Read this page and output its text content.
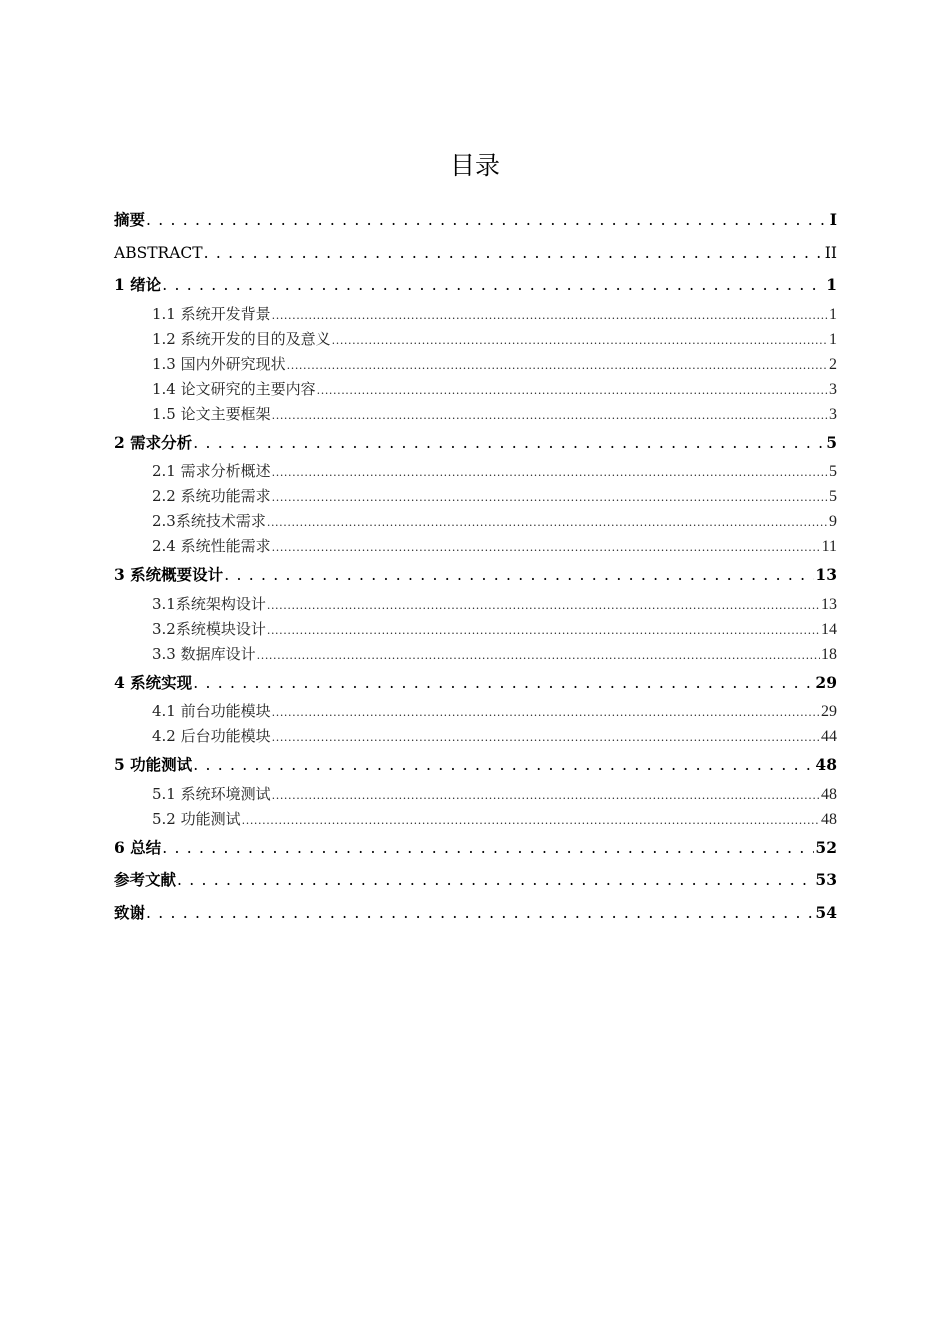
目录
摘要 . . .	I
ABSTRACT . . .	II
1 绪论 . . .	1
1.1 系统开发背景 .....	1
1.2 系统开发的目的及意义 .....	1
1.3 国内外研究现状 .....	2
1.4 论文研究的主要内容 .....	3
1.5 论文主要框架 .....	3
2 需求分析 . . .	5
2.1 需求分析概述 .....	5
2.2 系统功能需求 .....	5
2.3系统技术需求 .....	9
2.4 系统性能需求 .....	11
3 系统概要设计 . . .	13
3.1系统架构设计 .....	13
3.2系统模块设计 .....	14
3.3 数据库设计 .....	18
4 系统实现 . . .	29
4.1 前台功能模块 .....	29
4.2 后台功能模块 .....	44
5 功能测试 . . .	48
5.1 系统环境测试 .....	48
5.2 功能测试 .....	48
6 总结 . . .	52
参考文献 . . .	53
致谢 . . .	54
